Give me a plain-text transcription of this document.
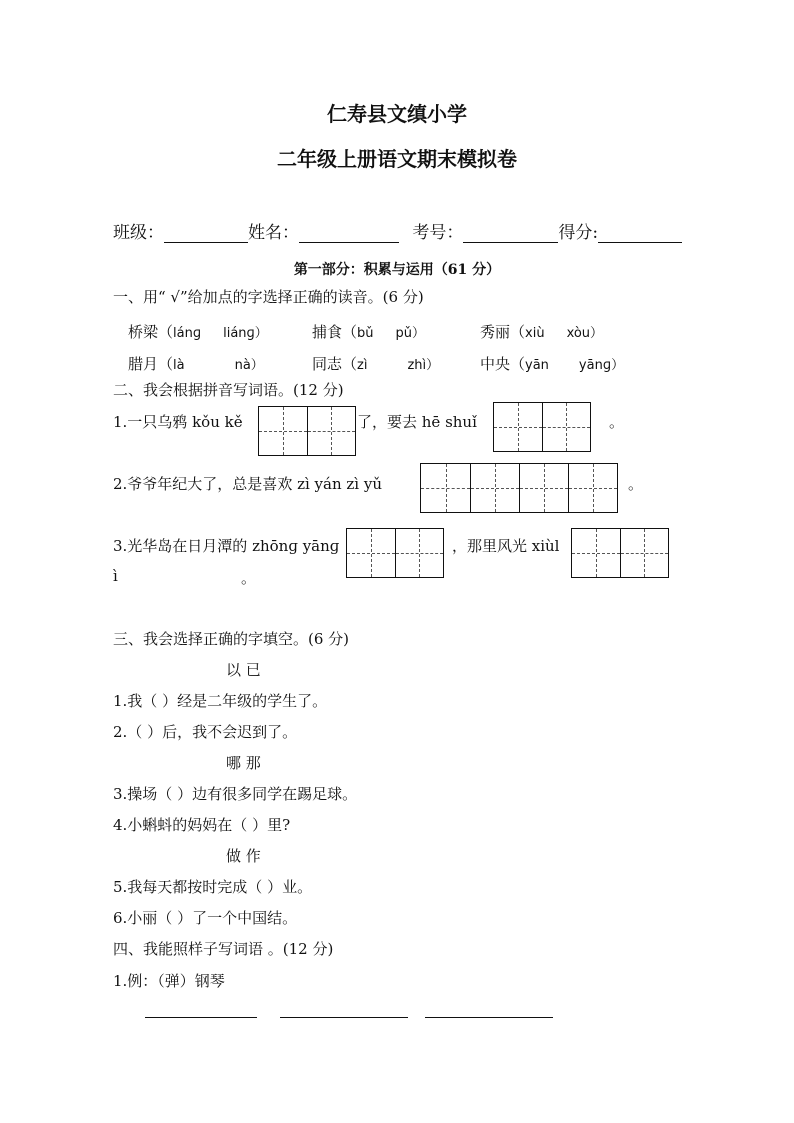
仁寿县文缜小学
二年级上册语文期末模拟卷
班级：	姓名：	考号：	得分:
第一部分：积累与运用（61 分）
一、用“ √”给加点的字选择正确的读音。(6 分)
桥梁（lánɡ liánɡ）	捕食（bǔ pǔ）	秀丽（xiù xòu）
腊月（là	nà）	同志（zì	zhì）	中央（yān yānɡ）
二、我会根据拼音写词语。(12 分)
1.一只乌鸦 kǒu kě	了，要去 hē shuǐ	。
2.爷爷年纪大了，总是喜欢 zì yán zì yǔ	。
3.光华岛在日月潭的 zhōnɡ yānɡ	，那里风光 xiùl
ì	。
三、我会选择正确的字填空。(6 分)
以 已
1.我（ ）经是二年级的学生了。
2.（ ）后，我不会迟到了。
哪 那
3.操场（ ）边有很多同学在踢足球。
4.小蝌蚪的妈妈在（ ）里?
做 作
5.我每天都按时完成（ ）业。
6.小丽（ ）了一个中国结。
四、我能照样子写词语 。(12 分)
1.例：（弹）钢琴
